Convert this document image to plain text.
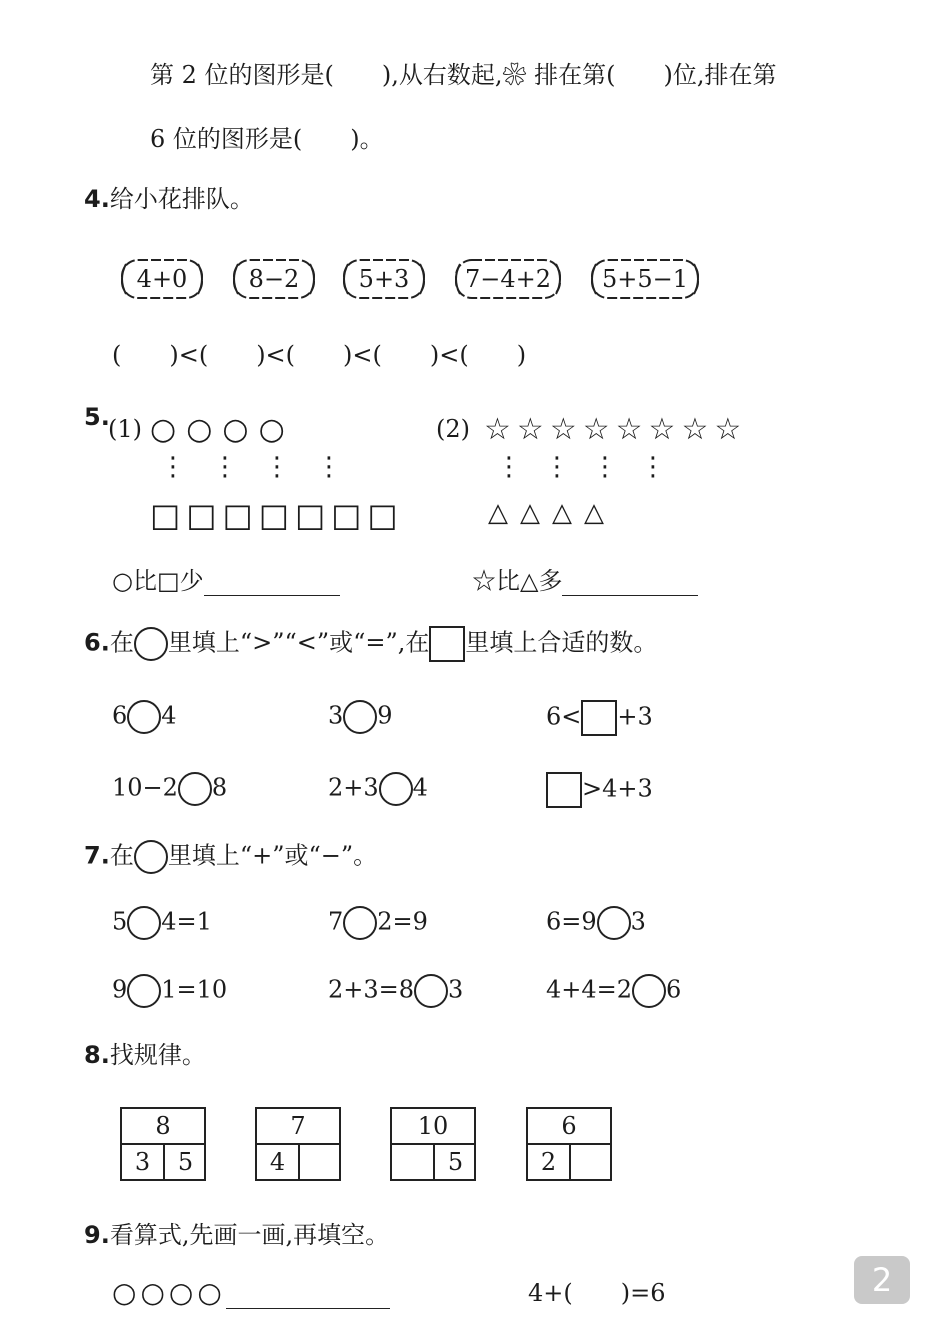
第 2 位的图形是(　　),从右数起,❀ 排在第(　　)位,排在第
6 位的图形是(　　)。
4.给小花排队。
4+0	8−2	5+3	7−4+2	5+5−1
(　　)<(　　)<(　　)<(　　)<(　　)
5.
(1)	(2)
○○○○
⋮⋮⋮⋮
□□□□□□□
☆☆☆☆☆☆☆☆
⋮⋮⋮⋮
△△△△
○比□少	☆比△多
6.在 里填上“>”“<”或“=”,在 里填上合适的数。
6 4	3 9	6< +3
10−2 8	2+3 4	>4+3
7.在 里填上“+”或“−”。
5 4=1	7 2=9	6=9 3
9 1=10	2+3=8 3	4+4=2 6
8.找规律。
8
3	5
7
4
10
5
6
2
9.看算式,先画一画,再填空。
○○○○	4+(　　)=6	2
